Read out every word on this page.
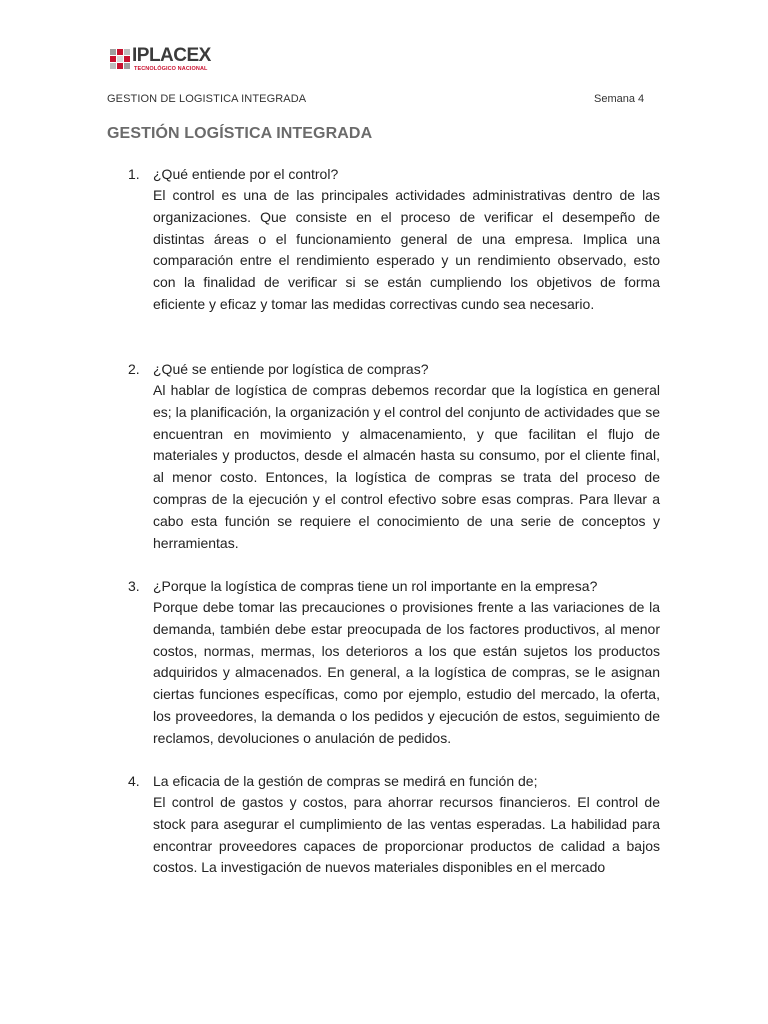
IPLACEX
TECNOLÓGICO NACIONAL
GESTION DE LOGISTICA INTEGRADA	Semana 4
GESTIÓN LOGÍSTICA INTEGRADA
1. ¿Qué entiende por el control?
El control es una de las principales actividades administrativas dentro de las organizaciones. Que consiste en el proceso de verificar el desempeño de distintas áreas o el funcionamiento general de una empresa. Implica una comparación entre el rendimiento esperado y un rendimiento observado, esto con la finalidad de verificar si se están cumpliendo los objetivos de forma eficiente y eficaz y tomar las medidas correctivas cundo sea necesario.
2. ¿Qué se entiende por logística de compras?
Al hablar de logística de compras debemos recordar que la logística en general es; la planificación, la organización y el control del conjunto de actividades que se encuentran en movimiento y almacenamiento, y que facilitan el flujo de materiales y productos, desde el almacén hasta su consumo, por el cliente final, al menor costo. Entonces, la logística de compras se trata del proceso de compras de la ejecución y el control efectivo sobre esas compras. Para llevar a cabo esta función se requiere el conocimiento de una serie de conceptos y herramientas.
3. ¿Porque la logística de compras tiene un rol importante en la empresa?
Porque debe tomar las precauciones o provisiones frente a las variaciones de la demanda, también debe estar preocupada de los factores productivos, al menor costos, normas, mermas, los deterioros a los que están sujetos los productos adquiridos y almacenados. En general, a la logística de compras, se le asignan ciertas funciones específicas, como por ejemplo, estudio del mercado, la oferta, los proveedores, la demanda o los pedidos y ejecución de estos, seguimiento de reclamos, devoluciones o anulación de pedidos.
4. La eficacia de la gestión de compras se medirá en función de;
El control de gastos y costos, para ahorrar recursos financieros. El control de stock para asegurar el cumplimiento de las ventas esperadas. La habilidad para encontrar proveedores capaces de proporcionar productos de calidad a bajos costos. La investigación de nuevos materiales disponibles en el mercado
